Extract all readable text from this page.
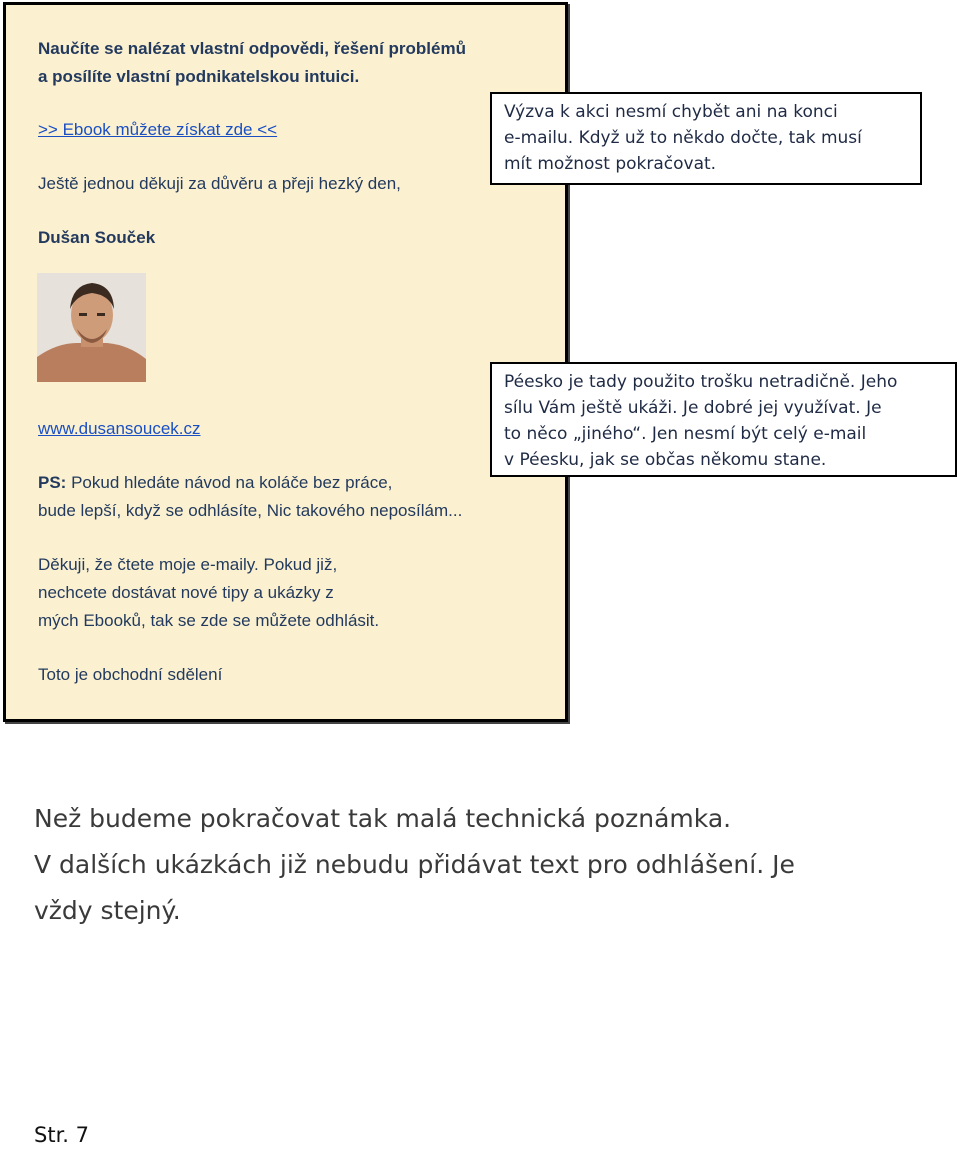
Naučíte se nalézat vlastní odpovědi, řešení problémů
a posílíte vlastní podnikatelskou intuici.
>> Ebook můžete získat zde <<
Ještě jednou děkuji za důvěru a přeji hezký den,
Dušan Souček
www.dusansoucek.cz
PS: Pokud hledáte návod na koláče bez práce,
bude lepší, když se odhlásíte, Nic takového neposílám...
Děkuji, že čtete moje e-maily. Pokud již,
nechcete dostávat nové tipy a ukázky z
mých Ebooků, tak se zde se můžete odhlásit.
Toto je obchodní sdělení
Výzva k akci nesmí chybět ani na konci
e-mailu. Když už to někdo dočte, tak musí
mít možnost pokračovat.
Péesko je tady použito trošku netradičně. Jeho
sílu Vám ještě ukáži. Je dobré jej využívat. Je
to něco „jiného“. Jen nesmí být celý e-mail
v Péesku, jak se občas někomu stane.
Než budeme pokračovat tak malá technická poznámka.
V dalších ukázkách již nebudu přidávat text pro odhlášení. Je
vždy stejný.
Str. 7
